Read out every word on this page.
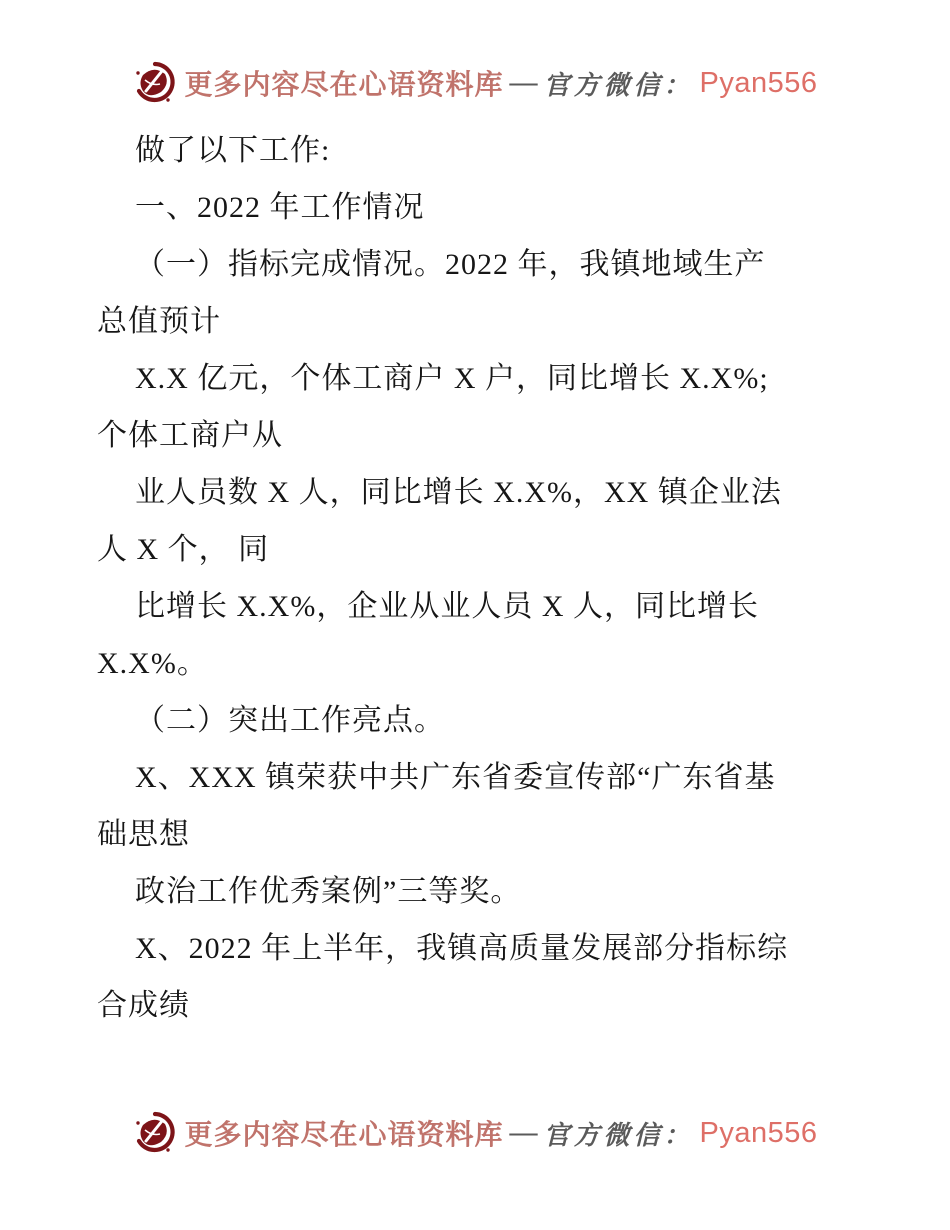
更多内容尽在心语资料库 — 官方微信： Pyan556
做了以下工作:
一、2022 年工作情况
（一）指标完成情况。2022 年，我镇地域生产
总值预计
X.X 亿元，个体工商户 X 户，同比增长 X.X%;
个体工商户从
业人员数 X 人，同比增长 X.X%，XX 镇企业法
人 X 个， 同
比增长 X.X%，企业从业人员 X 人，同比增长
X.X%。
（二）突出工作亮点。
X、XXX 镇荣获中共广东省委宣传部“广东省基
础思想
政治工作优秀案例”三等奖。
X、2022 年上半年，我镇高质量发展部分指标综
合成绩
更多内容尽在心语资料库 — 官方微信： Pyan556
